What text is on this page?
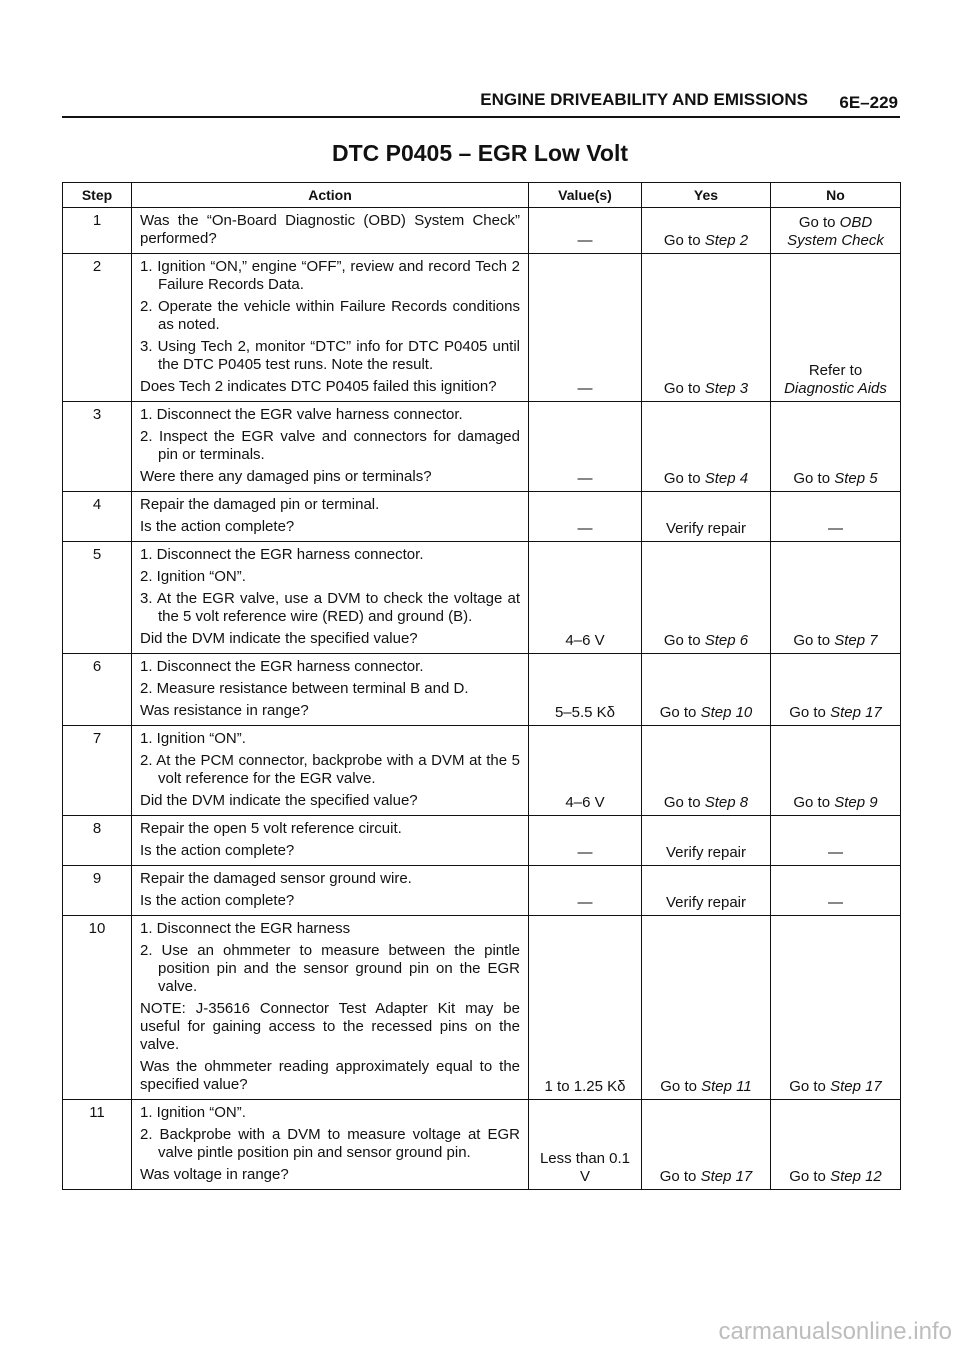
ENGINE DRIVEABILITY AND EMISSIONS 6E–229
DTC P0405 – EGR Low Volt
Step	Action	Value(s)	Yes	No
1	Was the “On-Board Diagnostic (OBD) System Check” performed?	—	Go to Step 2	Go to OBD System Check
2	1. Ignition “ON,” engine “OFF”, review and record Tech 2 Failure Records Data.
2. Operate the vehicle within Failure Records conditions as noted.
3. Using Tech 2, monitor “DTC” info for DTC P0405 until the DTC P0405 test runs. Note the result.
Does Tech 2 indicates DTC P0405 failed this ignition?	—	Go to Step 3	Refer to Diagnostic Aids
3	1. Disconnect the EGR valve harness connector.
2. Inspect the EGR valve and connectors for damaged pin or terminals.
Were there any damaged pins or terminals?	—	Go to Step 4	Go to Step 5
4	Repair the damaged pin or terminal.
Is the action complete?	—	Verify repair	—
5	1. Disconnect the EGR harness connector.
2. Ignition “ON”.
3. At the EGR valve, use a DVM to check the voltage at the 5 volt reference wire (RED) and ground (B).
Did the DVM indicate the specified value?	4–6 V	Go to Step 6	Go to Step 7
6	1. Disconnect the EGR harness connector.
2. Measure resistance between terminal B and D.
Was resistance in range?	5–5.5 Kδ	Go to Step 10	Go to Step 17
7	1. Ignition “ON”.
2. At the PCM connector, backprobe with a DVM at the 5 volt reference for the EGR valve.
Did the DVM indicate the specified value?	4–6 V	Go to Step 8	Go to Step 9
8	Repair the open 5 volt reference circuit.
Is the action complete?	—	Verify repair	—
9	Repair the damaged sensor ground wire.
Is the action complete?	—	Verify repair	—
10	1. Disconnect the EGR harness
2. Use an ohmmeter to measure between the pintle position pin and the sensor ground pin on the EGR valve.
NOTE: J-35616 Connector Test Adapter Kit may be useful for gaining access to the recessed pins on the valve.
Was the ohmmeter reading approximately equal to the specified value?	1 to 1.25 Kδ	Go to Step 11	Go to Step 17
11	1. Ignition “ON”.
2. Backprobe with a DVM to measure voltage at EGR valve pintle position pin and sensor ground pin.
Was voltage in range?	Less than 0.1 V	Go to Step 17	Go to Step 12
carmanualsonline.info
